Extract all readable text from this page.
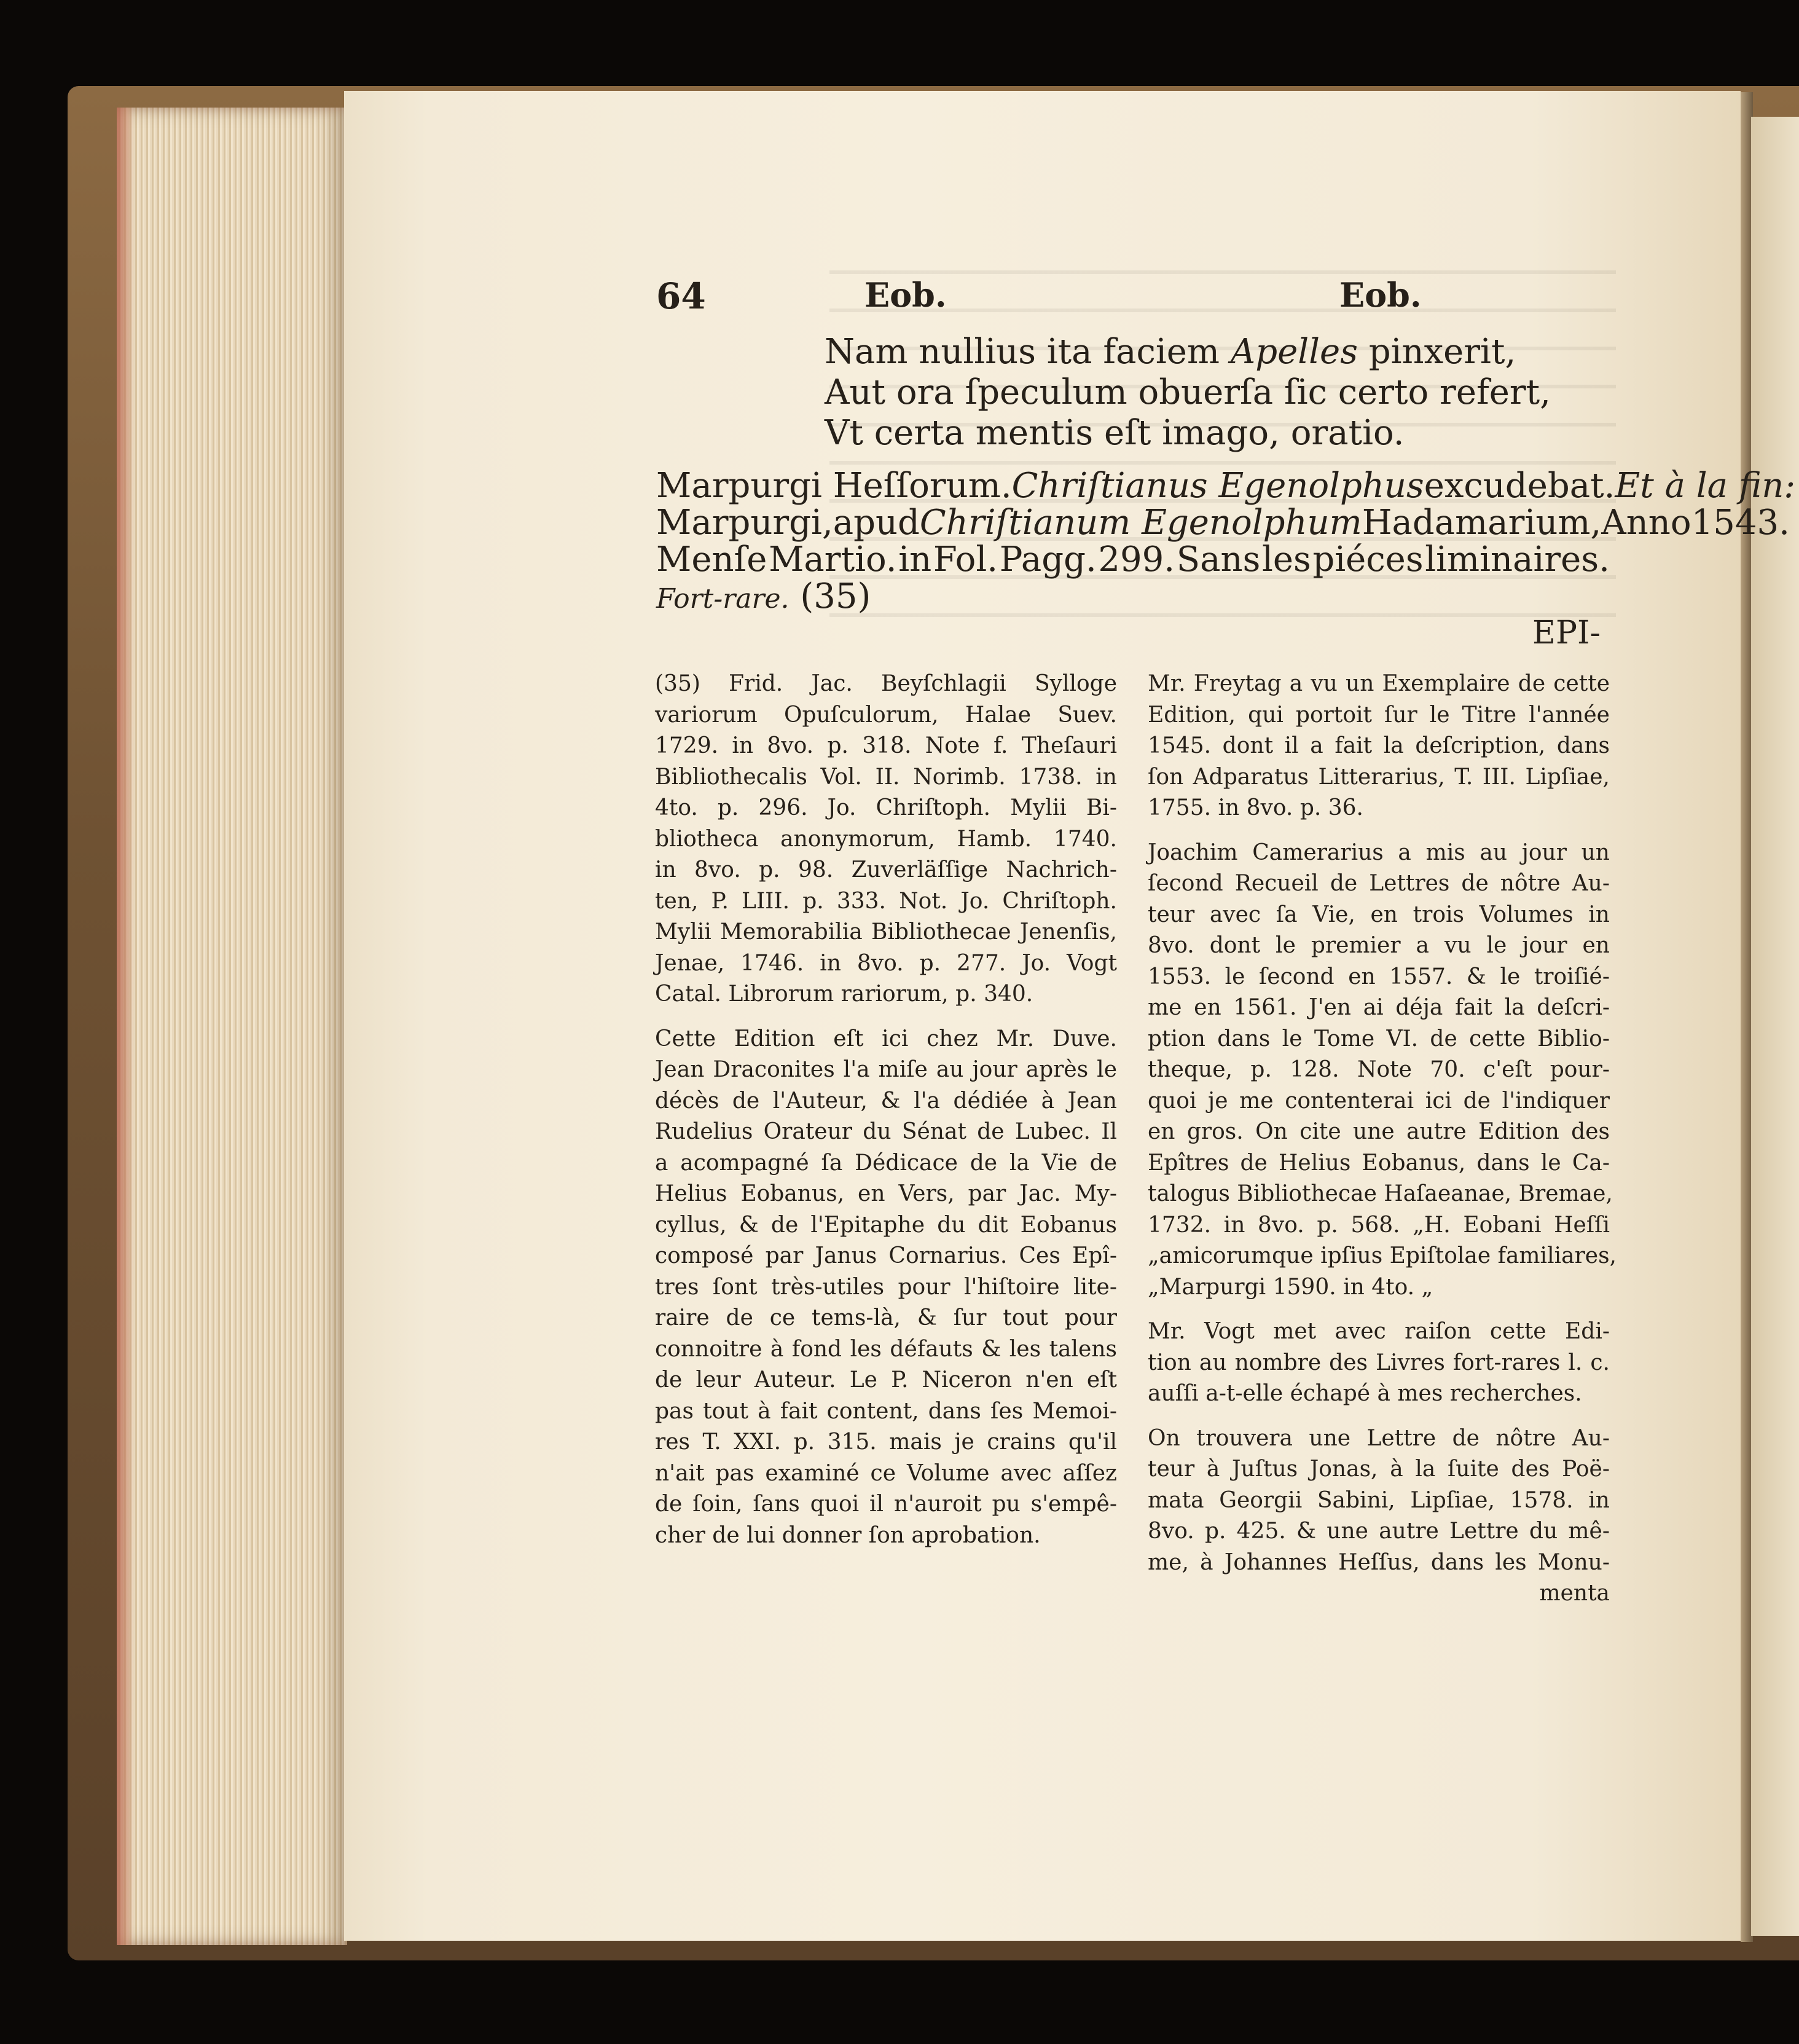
64	Eob.	Eob.
Nam nullius ita faciem Apelles pinxerit,
Aut ora ſpeculum obuerſa ſic certo refert,
Vt certa mentis eſt imago, oratio.
Marpurgi Heſſorum. Chriſtianus Egenolphus excudebat. Et à la fin:
Marpurgi, apud Chriſtianum Egenolphum Hadamarium, Anno 1543.
Menſe Martio. in Fol. Pagg. 299. Sans les piéces liminaires.
Fort-rare. (35)
EPI-
(35) Frid. Jac. Beyſchlagii Sylloge
variorum Opuſculorum, Halae Suev.
1729. in 8vo. p. 318. Note f. Theſauri
Bibliothecalis Vol. II. Norimb. 1738. in
4to. p. 296. Jo. Chriſtoph. Mylii Bi-
bliotheca anonymorum, Hamb. 1740.
in 8vo. p. 98. Zuverläſſige Nachrich-
ten, P. LIII. p. 333. Not. Jo. Chriſtoph.
Mylii Memorabilia Bibliothecae Jenenſis,
Jenae, 1746. in 8vo. p. 277. Jo. Vogt
Catal. Librorum rariorum, p. 340.
Cette Edition eſt ici chez Mr. Duve.
Jean Draconites l'a miſe au jour après le
décès de l'Auteur, & l'a dédiée à Jean
Rudelius Orateur du Sénat de Lubec. Il
a acompagné ſa Dédicace de la Vie de
Helius Eobanus, en Vers, par Jac. My-
cyllus, & de l'Epitaphe du dit Eobanus
composé par Janus Cornarius. Ces Epî-
tres ſont très-utiles pour l'hiſtoire lite-
raire de ce tems-là, & ſur tout pour
connoitre à fond les défauts & les talens
de leur Auteur. Le P. Niceron n'en eſt
pas tout à fait content, dans ſes Memoi-
res T. XXI. p. 315. mais je crains qu'il
n'ait pas examiné ce Volume avec aſſez
de ſoin, ſans quoi il n'auroit pu s'empê-
cher de lui donner ſon aprobation.
Mr. Freytag a vu un Exemplaire de cette
Edition, qui portoit ſur le Titre l'année
1545. dont il a fait la deſcription, dans
ſon Adparatus Litterarius, T. III. Lipſiae,
1755. in 8vo. p. 36.
Joachim Camerarius a mis au jour un
ſecond Recueil de Lettres de nôtre Au-
teur avec ſa Vie, en trois Volumes in
8vo. dont le premier a vu le jour en
1553. le ſecond en 1557. & le troiſié-
me en 1561. J'en ai déja fait la deſcri-
ption dans le Tome VI. de cette Biblio-
theque, p. 128. Note 70. c'eſt pour-
quoi je me contenterai ici de l'indiquer
en gros. On cite une autre Edition des
Epîtres de Helius Eobanus, dans le Ca-
talogus Bibliothecae Haſaeanae, Bremae,
1732. in 8vo. p. 568. „H. Eobani Heſſi
„amicorumque ipſius Epiſtolae familiares,
„Marpurgi 1590. in 4to. „
Mr. Vogt met avec raiſon cette Edi-
tion au nombre des Livres fort-rares l. c.
auſſi a-t-elle échapé à mes recherches.
On trouvera une Lettre de nôtre Au-
teur à Juſtus Jonas, à la ſuite des Poë-
mata Georgii Sabini, Lipſiae, 1578. in
8vo. p. 425. & une autre Lettre du mê-
me, à Johannes Heſſus, dans les Monu-
menta
